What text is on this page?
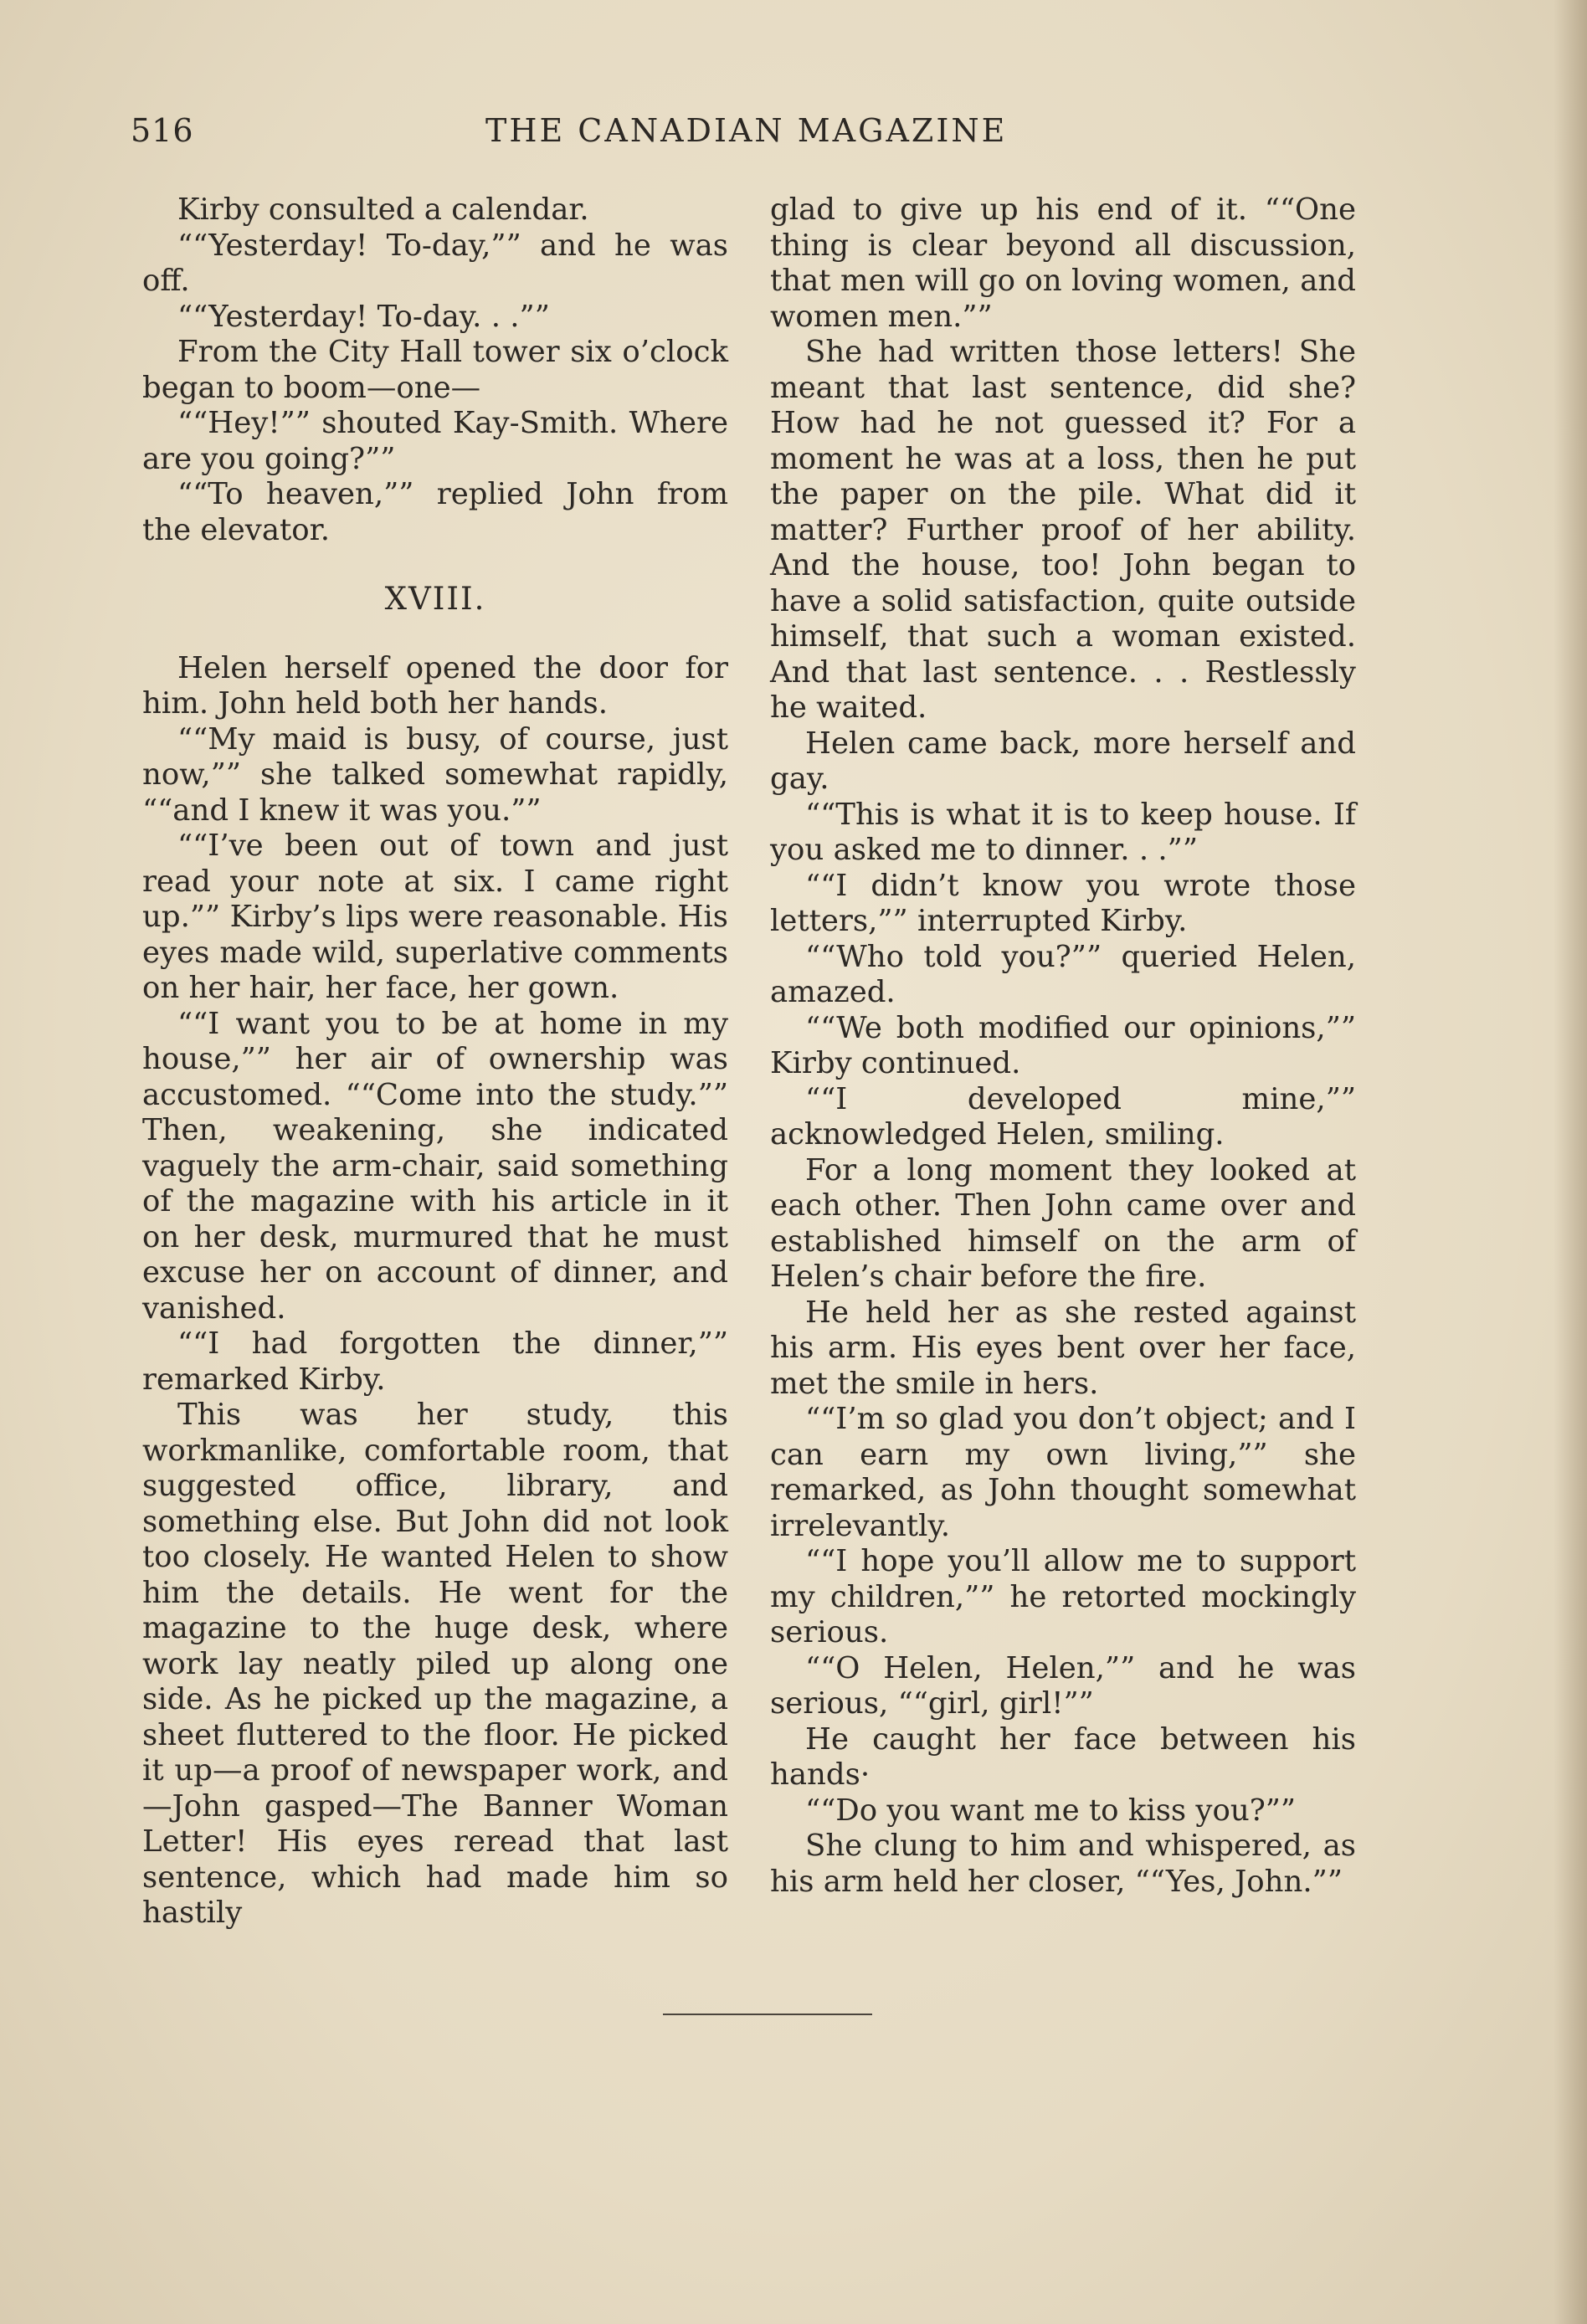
516	THE CANADIAN MAGAZINE

Kirby consulted a calendar.

““Yesterday! To-day,”” and he was off.

““Yesterday! To-day. . .””

From the City Hall tower six o’clock began to boom—one—

““Hey!”” shouted Kay-Smith. Where are you going?””

““To heaven,”” replied John from the elevator.

XVIII.

Helen herself opened the door for him. John held both her hands.

““My maid is busy, of course, just now,”” she talked somewhat rapidly, ““and I knew it was you.””

““I’ve been out of town and just read your note at six. I came right up.”” Kirby’s lips were reasonable. His eyes made wild, superlative comments on her hair, her face, her gown.

““I want you to be at home in my house,”” her air of ownership was accustomed. ““Come into the study.”” Then, weakening, she indicated vaguely the arm-chair, said something of the magazine with his article in it on her desk, murmured that he must excuse her on account of dinner, and vanished.

““I had forgotten the dinner,”” remarked Kirby.

This was her study, this workmanlike, comfortable room, that suggested office, library, and something else. But John did not look too closely. He wanted Helen to show him the details. He went for the magazine to the huge desk, where work lay neatly piled up along one side. As he picked up the magazine, a sheet fluttered to the floor. He picked it up—a proof of newspaper work, and —John gasped—The Banner Woman Letter! His eyes reread that last sentence, which had made him so hastily

glad to give up his end of it. ““One thing is clear beyond all discussion, that men will go on loving women, and women men.””

She had written those letters! She meant that last sentence, did she? How had he not guessed it? For a moment he was at a loss, then he put the paper on the pile. What did it matter? Further proof of her ability. And the house, too! John began to have a solid satisfaction, quite outside himself, that such a woman existed. And that last sentence. . . Restlessly he waited.

Helen came back, more herself and gay.

““This is what it is to keep house. If you asked me to dinner. . .””

““I didn’t know you wrote those letters,”” interrupted Kirby.

““Who told you?”” queried Helen, amazed.

““We both modified our opinions,”” Kirby continued.

““I developed mine,”” acknowledged Helen, smiling.

For a long moment they looked at each other. Then John came over and established himself on the arm of Helen’s chair before the fire.

He held her as she rested against his arm. His eyes bent over her face, met the smile in hers.

““I’m so glad you don’t object; and I can earn my own living,”” she remarked, as John thought somewhat irrelevantly.

““I hope you’ll allow me to support my children,”” he retorted mockingly serious.

““O Helen, Helen,”” and he was serious, ““girl, girl!””

He caught her face between his hands·

““Do you want me to kiss you?””

She clung to him and whispered, as his arm held her closer, ““Yes, John.””
